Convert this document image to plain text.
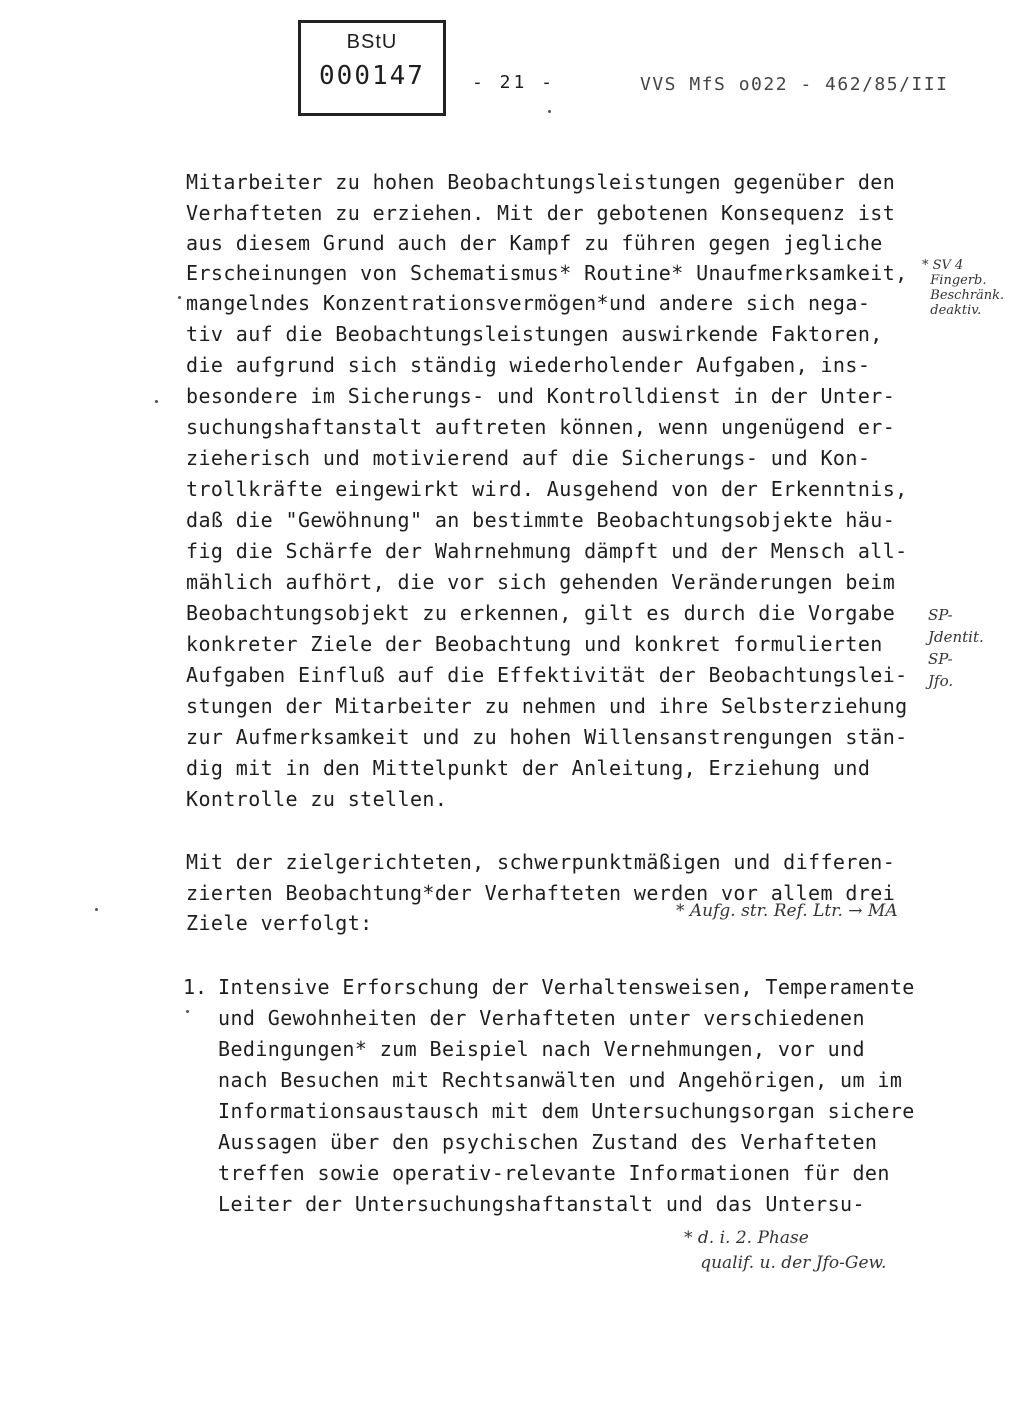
BStU
000147	- 21 -	VVS MfS o022 - 462/85/III
Mitarbeiter zu hohen Beobachtungsleistungen gegenüber den
Verhafteten zu erziehen. Mit der gebotenen Konsequenz ist
aus diesem Grund auch der Kampf zu führen gegen jegliche
Erscheinungen von Schematismus* Routine* Unaufmerksamkeit,
mangelndes Konzentrationsvermögen*und andere sich nega-
tiv auf die Beobachtungsleistungen auswirkende Faktoren,
die aufgrund sich ständig wiederholender Aufgaben, ins-
besondere im Sicherungs- und Kontrolldienst in der Unter-
suchungshaftanstalt auftreten können, wenn ungenügend er-
zieherisch und motivierend auf die Sicherungs- und Kon-
trollkräfte eingewirkt wird. Ausgehend von der Erkenntnis,
daß die "Gewöhnung" an bestimmte Beobachtungsobjekte häu-
fig die Schärfe der Wahrnehmung dämpft und der Mensch all-
mählich aufhört, die vor sich gehenden Veränderungen beim
Beobachtungsobjekt zu erkennen, gilt es durch die Vorgabe
konkreter Ziele der Beobachtung und konkret formulierten
Aufgaben Einfluß auf die Effektivität der Beobachtungslei-
stungen der Mitarbeiter zu nehmen und ihre Selbsterziehung
zur Aufmerksamkeit und zu hohen Willensanstrengungen stän-
dig mit in den Mittelpunkt der Anleitung, Erziehung und
Kontrolle zu stellen.
Mit der zielgerichteten, schwerpunktmäßigen und differen-
zierten Beobachtung*der Verhafteten werden vor allem drei
Ziele verfolgt:
1. Intensive Erforschung der Verhaltensweisen, Temperamente
und Gewohnheiten der Verhafteten unter verschiedenen
Bedingungen* zum Beispiel nach Vernehmungen, vor und
nach Besuchen mit Rechtsanwälten und Angehörigen, um im
Informationsaustausch mit dem Untersuchungsorgan sichere
Aussagen über den psychischen Zustand des Verhafteten
treffen sowie operativ-relevante Informationen für den
Leiter der Untersuchungshaftanstalt und das Untersu-
* SV 4
Fingerb.
Beschränk.
deaktiv.
SP-
Jdentit.
SP-
Jfo.
* Aufg. str. Ref. Ltr. → MA
* d. i. 2. Phase
qualif. u. der Jfo-Gew.
